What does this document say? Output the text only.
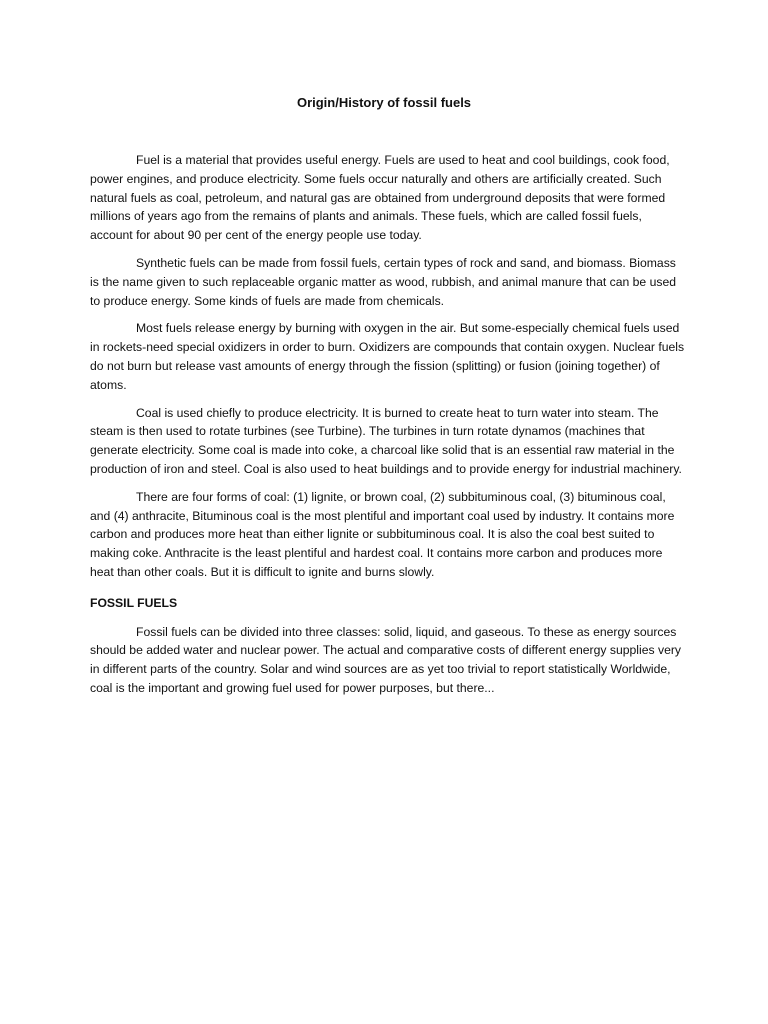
Origin/History of fossil fuels

Fuel is a material that provides useful energy. Fuels are used to heat and cool buildings, cook food, power engines, and produce electricity. Some fuels occur naturally and others are artificially created. Such natural fuels as coal, petroleum, and natural gas are obtained from underground deposits that were formed millions of years ago from the remains of plants and animals. These fuels, which are called fossil fuels, account for about 90 per cent of the energy people use today.

Synthetic fuels can be made from fossil fuels, certain types of rock and sand, and biomass. Biomass is the name given to such replaceable organic matter as wood, rubbish, and animal manure that can be used to produce energy. Some kinds of fuels are made from chemicals.

Most fuels release energy by burning with oxygen in the air. But some-especially chemical fuels used in rockets-need special oxidizers in order to burn. Oxidizers are compounds that contain oxygen. Nuclear fuels do not burn but release vast amounts of energy through the fission (splitting) or fusion (joining together) of atoms.

Coal is used chiefly to produce electricity. It is burned to create heat to turn water into steam. The steam is then used to rotate turbines (see Turbine). The turbines in turn rotate dynamos (machines that generate electricity. Some coal is made into coke, a charcoal like solid that is an essential raw material in the production of iron and steel. Coal is also used to heat buildings and to provide energy for industrial machinery.

There are four forms of coal: (1) lignite, or brown coal, (2) subbituminous coal, (3) bituminous coal, and (4) anthracite, Bituminous coal is the most plentiful and important coal used by industry. It contains more carbon and produces more heat than either lignite or subbituminous coal. It is also the coal best suited to making coke. Anthracite is the least plentiful and hardest coal. It contains more carbon and produces more heat than other coals. But it is difficult to ignite and burns slowly.

FOSSIL FUELS

Fossil fuels can be divided into three classes: solid, liquid, and gaseous. To these as energy sources should be added water and nuclear power. The actual and comparative costs of different energy supplies very in different parts of the country. Solar and wind sources are as yet too trivial to report statistically Worldwide, coal is the important and growing fuel used for power purposes, but there...
